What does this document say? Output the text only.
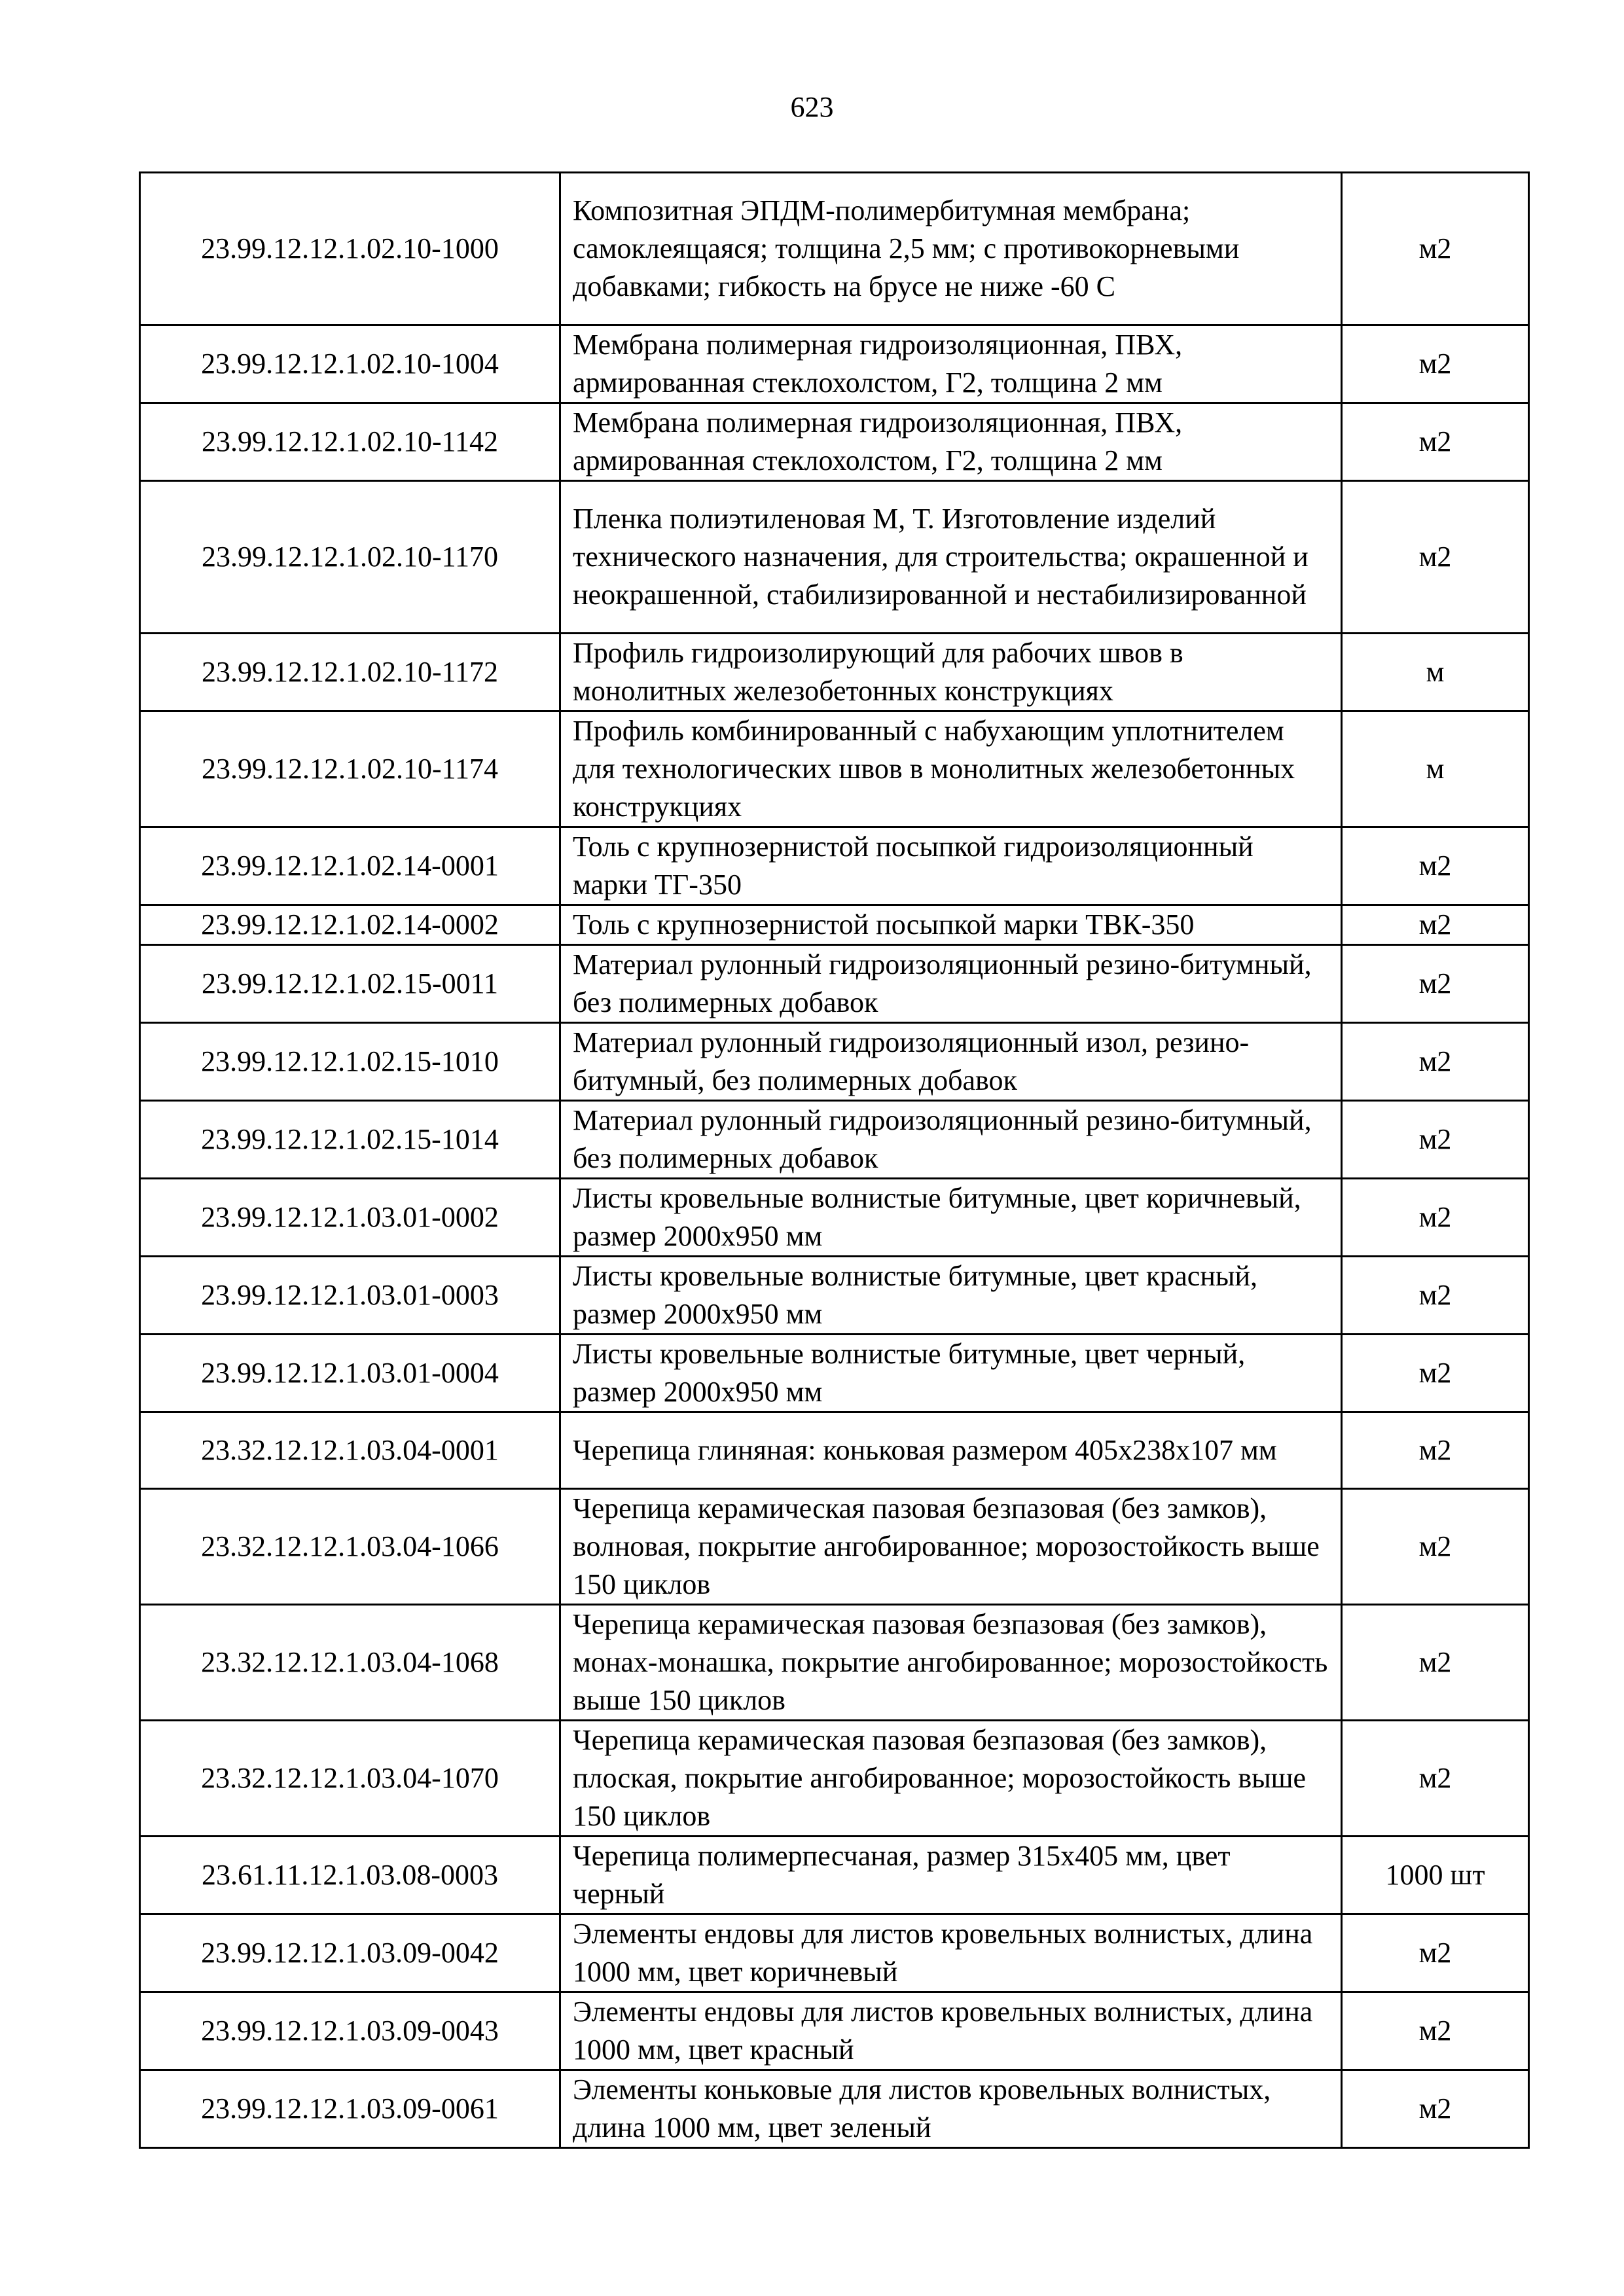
623
23.99.12.12.1.02.10-1000	Композитная ЭПДМ-полимербитумная мембрана; самоклеящаяся; толщина 2,5 мм; с противокорневыми добавками; гибкость на брусе не ниже -60 С	м2
23.99.12.12.1.02.10-1004	Мембрана полимерная гидроизоляционная, ПВХ, армированная стеклохолстом, Г2, толщина 2 мм	м2
23.99.12.12.1.02.10-1142	Мембрана полимерная гидроизоляционная, ПВХ, армированная стеклохолстом, Г2, толщина 2 мм	м2
23.99.12.12.1.02.10-1170	Пленка полиэтиленовая М, Т. Изготовление изделий технического назначения, для строительства; окрашенной и неокрашенной, стабилизированной и нестабилизированной	м2
23.99.12.12.1.02.10-1172	Профиль гидроизолирующий для рабочих швов в монолитных железобетонных конструкциях	м
23.99.12.12.1.02.10-1174	Профиль комбинированный с набухающим уплотнителем для технологических швов в монолитных железобетонных конструкциях	м
23.99.12.12.1.02.14-0001	Толь с крупнозернистой посыпкой гидроизоляционный марки ТГ-350	м2
23.99.12.12.1.02.14-0002	Толь с крупнозернистой посыпкой марки ТВК-350	м2
23.99.12.12.1.02.15-0011	Материал рулонный гидроизоляционный резино-битумный, без полимерных добавок	м2
23.99.12.12.1.02.15-1010	Материал рулонный гидроизоляционный изол, резино-битумный, без полимерных добавок	м2
23.99.12.12.1.02.15-1014	Материал рулонный гидроизоляционный резино-битумный, без полимерных добавок	м2
23.99.12.12.1.03.01-0002	Листы кровельные волнистые битумные, цвет коричневый, размер 2000x950 мм	м2
23.99.12.12.1.03.01-0003	Листы кровельные волнистые битумные, цвет красный, размер 2000x950 мм	м2
23.99.12.12.1.03.01-0004	Листы кровельные волнистые битумные, цвет черный, размер 2000x950 мм	м2
23.32.12.12.1.03.04-0001	Черепица глиняная: коньковая размером 405x238x107 мм	м2
23.32.12.12.1.03.04-1066	Черепица керамическая пазовая безпазовая (без замков), волновая, покрытие ангобированное; морозостойкость выше 150 циклов	м2
23.32.12.12.1.03.04-1068	Черепица керамическая пазовая безпазовая (без замков), монах-монашка, покрытие ангобированное; морозостойкость выше 150 циклов	м2
23.32.12.12.1.03.04-1070	Черепица керамическая пазовая безпазовая (без замков), плоская, покрытие ангобированное; морозостойкость выше 150 циклов	м2
23.61.11.12.1.03.08-0003	Черепица полимерпесчаная, размер 315x405 мм, цвет черный	1000 шт
23.99.12.12.1.03.09-0042	Элементы ендовы для листов кровельных волнистых, длина 1000 мм, цвет коричневый	м2
23.99.12.12.1.03.09-0043	Элементы ендовы для листов кровельных волнистых, длина 1000 мм, цвет красный	м2
23.99.12.12.1.03.09-0061	Элементы коньковые для листов кровельных волнистых, длина 1000 мм, цвет зеленый	м2
